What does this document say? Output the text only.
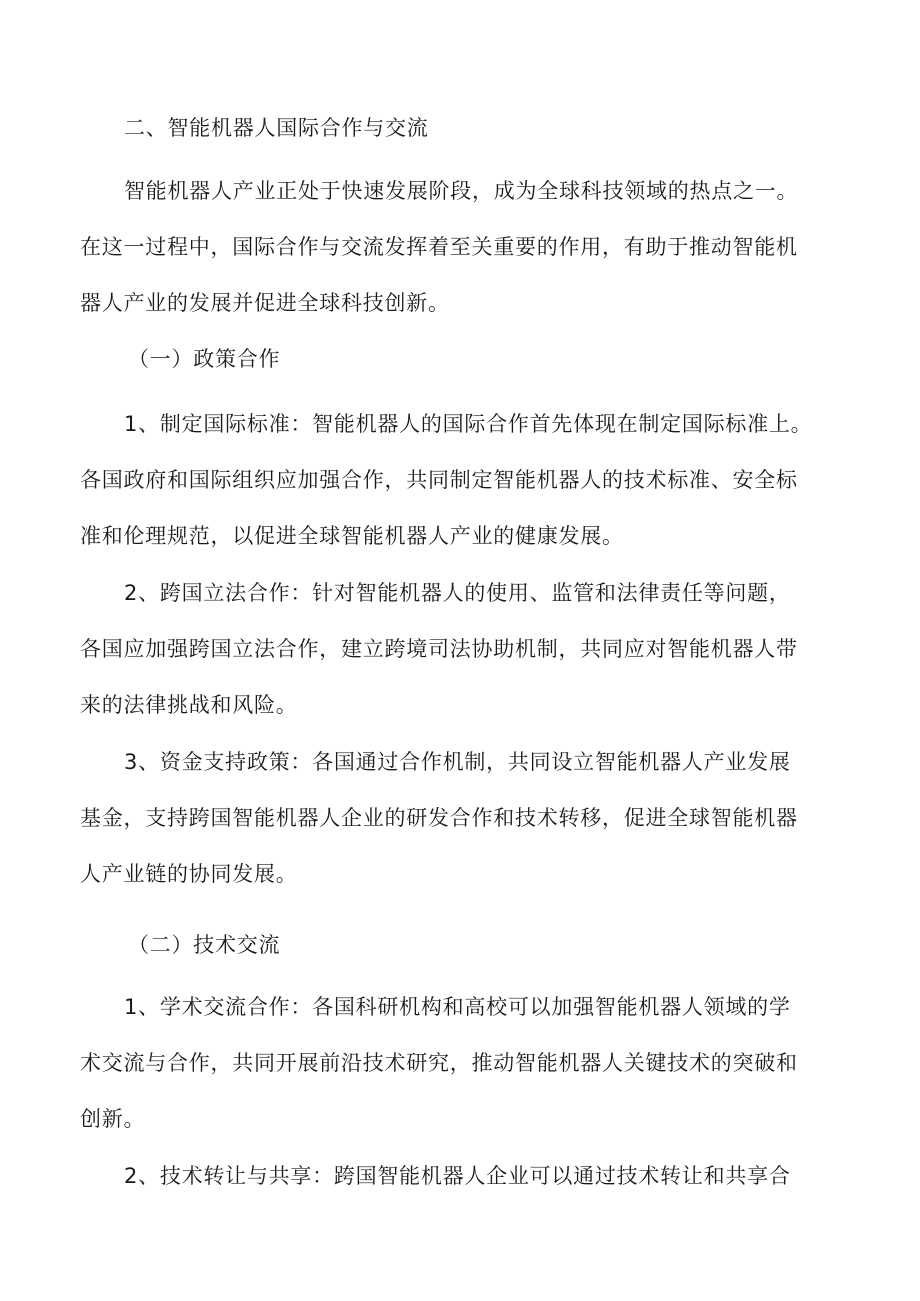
二、智能机器人国际合作与交流

智能机器人产业正处于快速发展阶段，成为全球科技领域的热点之一。

在这一过程中，国际合作与交流发挥着至关重要的作用，有助于推动智能机

器人产业的发展并促进全球科技创新。

（一）政策合作

1、制定国际标准：智能机器人的国际合作首先体现在制定国际标准上。

各国政府和国际组织应加强合作，共同制定智能机器人的技术标准、安全标

准和伦理规范，以促进全球智能机器人产业的健康发展。

2、跨国立法合作：针对智能机器人的使用、监管和法律责任等问题，

各国应加强跨国立法合作，建立跨境司法协助机制，共同应对智能机器人带

来的法律挑战和风险。

3、资金支持政策：各国通过合作机制，共同设立智能机器人产业发展

基金，支持跨国智能机器人企业的研发合作和技术转移，促进全球智能机器

人产业链的协同发展。

（二）技术交流

1、学术交流合作：各国科研机构和高校可以加强智能机器人领域的学

术交流与合作，共同开展前沿技术研究，推动智能机器人关键技术的突破和

创新。

2、技术转让与共享：跨国智能机器人企业可以通过技术转让和共享合
